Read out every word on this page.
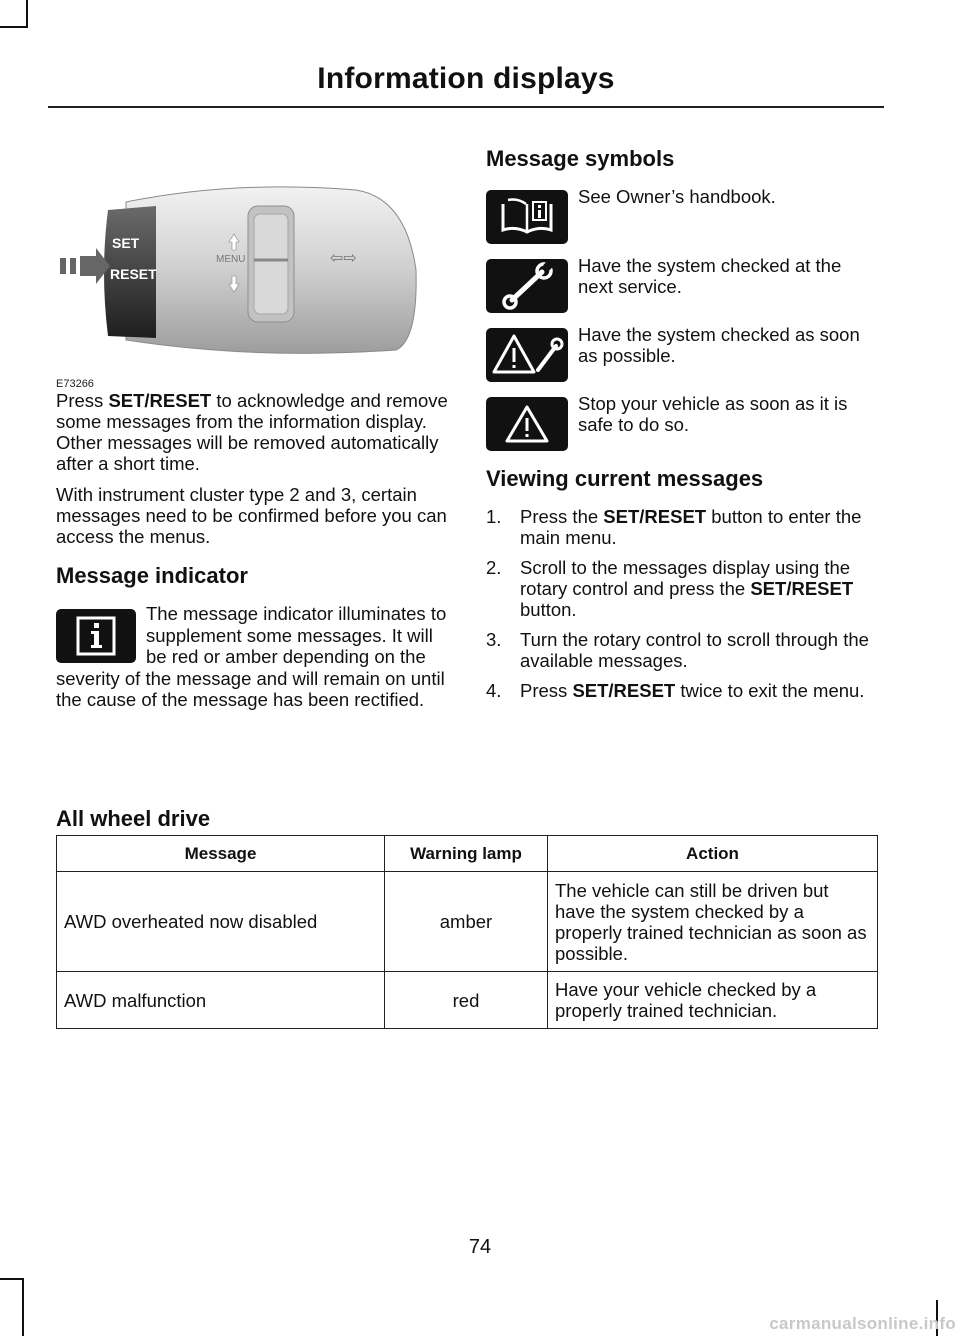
Information displays
SET
RESET
MENU	⇦⇨
E73266

Press SET/RESET to acknowledge and remove some messages from the information display. Other messages will be removed automatically after a short time.

With instrument cluster type 2 and 3, certain messages need to be confirmed before you can access the menus.

Message indicator

The message indicator illuminates to supplement some messages. It will be red or amber depending on the severity of the message and will remain on until the cause of the message has been rectified.

Message symbols
See Owner’s handbook.
Have the system checked at the next service.
Have the system checked as soon as possible.
Stop your vehicle as soon as it is safe to do so.
Viewing current messages
1. Press the SET/RESET button to enter the main menu.
2. Scroll to the messages display using the rotary control and press the SET/RESET button.
3. Turn the rotary control to scroll through the available messages.
4. Press SET/RESET twice to exit the menu.
All wheel drive
Message	Warning lamp	Action
AWD overheated now disabled	amber	The vehicle can still be driven but have the system checked by a properly trained technician as soon as possible.
AWD malfunction	red	Have your vehicle checked by a properly trained technician.
74
carmanualsonline.info
